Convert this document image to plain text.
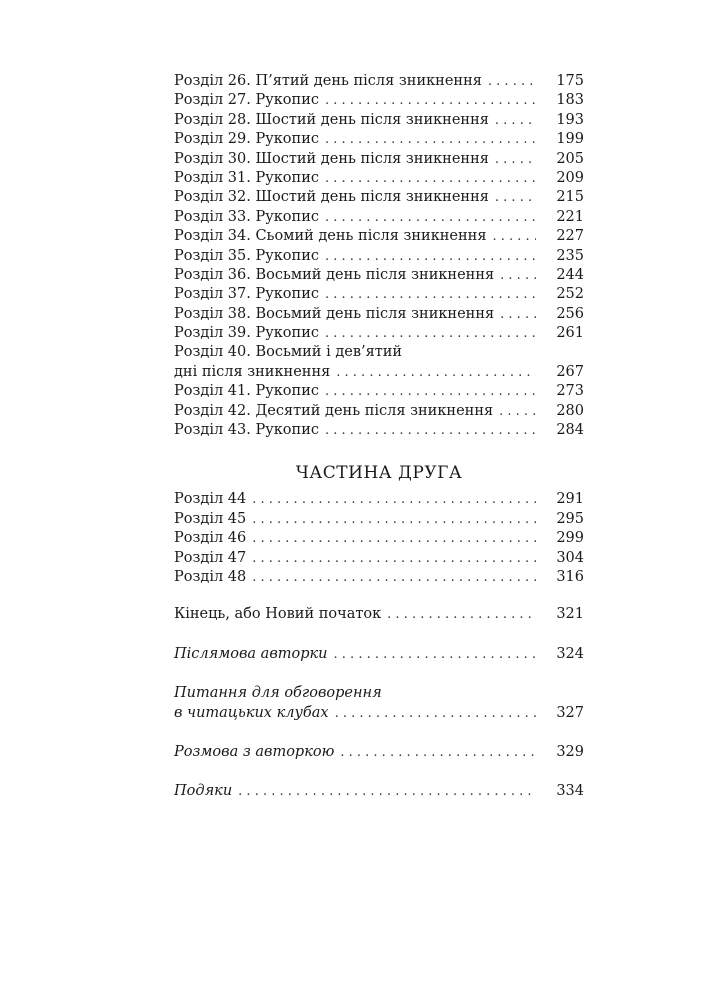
Розділ 26. П’ятий день після зникнення . . .	175
Розділ 27. Рукопис . . .	183
Розділ 28. Шостий день після зникнення . . .	193
Розділ 29. Рукопис . . .	199
Розділ 30. Шостий день після зникнення . . .	205
Розділ 31. Рукопис . . .	209
Розділ 32. Шостий день після зникнення . . .	215
Розділ 33. Рукопис . . .	221
Розділ 34. Сьомий день після зникнення . . .	227
Розділ 35. Рукопис . . .	235
Розділ 36. Восьмий день після зникнення . . .	244
Розділ 37. Рукопис . . .	252
Розділ 38. Восьмий день після зникнення . . .	256
Розділ 39. Рукопис . . .	261
Розділ 40. Восьмий і дев’ятий
дні після зникнення . . .	267
Розділ 41. Рукопис . . .	273
Розділ 42. Десятий день після зникнення . . .	280
Розділ 43. Рукопис . . .	284
ЧАСТИНА ДРУГА
Розділ 44 . . .	291
Розділ 45 . . .	295
Розділ 46 . . .	299
Розділ 47 . . .	304
Розділ 48 . . .	316
Кінець, або Новий початок . . .	321
Післямова авторки . . .	324
Питання для обговорення
в читацьких клубах . . .	327
Розмова з авторкою . . .	329
Подяки . . .	334
